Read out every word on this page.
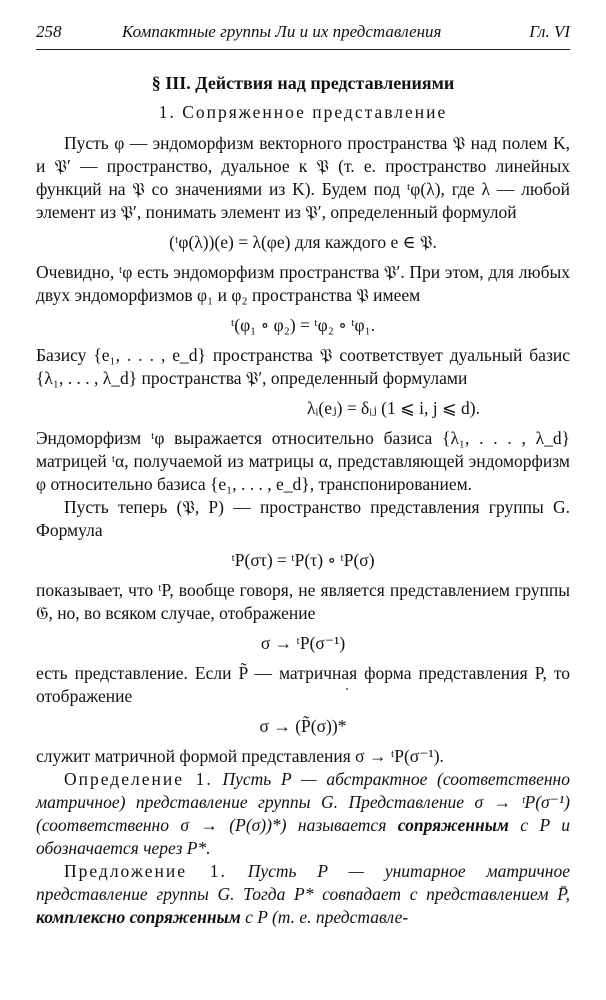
258	Компактные группы Ли и их представления	Гл. VI
§ III. Действия над представлениями
1. Сопряженное представление

Пусть φ — эндоморфизм векторного пространства 𝔓 над полем K, и 𝔓′ — пространство, дуальное к 𝔓 (т. е. пространство линейных функций на 𝔓 со значениями из K). Будем под ᵗφ(λ), где λ — любой элемент из 𝔓′, понимать элемент из 𝔓′, определенный формулой

(ᵗφ(λ))(e) = λ(φe) для каждого e ∈ 𝔓.

Очевидно, ᵗφ есть эндоморфизм пространства 𝔓′. При этом, для любых двух эндоморфизмов φ₁ и φ₂ пространства 𝔓 имеем

ᵗ(φ₁ ∘ φ₂) = ᵗφ₂ ∘ ᵗφ₁.

Базису {e₁, . . . , e_d} пространства 𝔓 соответствует дуальный базис {λ₁, . . . , λ_d} пространства 𝔓′, определенный формулами

λᵢ(eⱼ) = δᵢⱼ (1 ⩽ i, j ⩽ d).

Эндоморфизм ᵗφ выражается относительно базиса {λ₁, . . . , λ_d} матрицей ᵗα, получаемой из матрицы α, представляющей эндоморфизм φ относительно базиса {e₁, . . . , e_d}, транспонированием.

Пусть теперь (𝔓, P) — пространство представления группы G. Формула

ᵗP(στ) = ᵗP(τ) ∘ ᵗP(σ)

показывает, что ᵗP, вообще говоря, не является представлением группы 𝔊, но, во всяком случае, отображение

σ → ᵗP(σ⁻¹)

есть представление. Если P̃ — матричная форма представления P, то отображение

σ → (P̃(σ))*

служит матричной формой представления σ → ᵗP(σ⁻¹).

Определение 1. Пусть P — абстрактное (соответственно матричное) представление группы G. Представление σ → ᵗP(σ⁻¹) (соответственно σ → (P(σ))*) называется сопряженным с P и обозначается через P*.

Предложение 1. Пусть P — унитарное матричное представление группы G. Тогда P* совпадает с представлением P̄, комплексно сопряженным с P (т. е. представле-
